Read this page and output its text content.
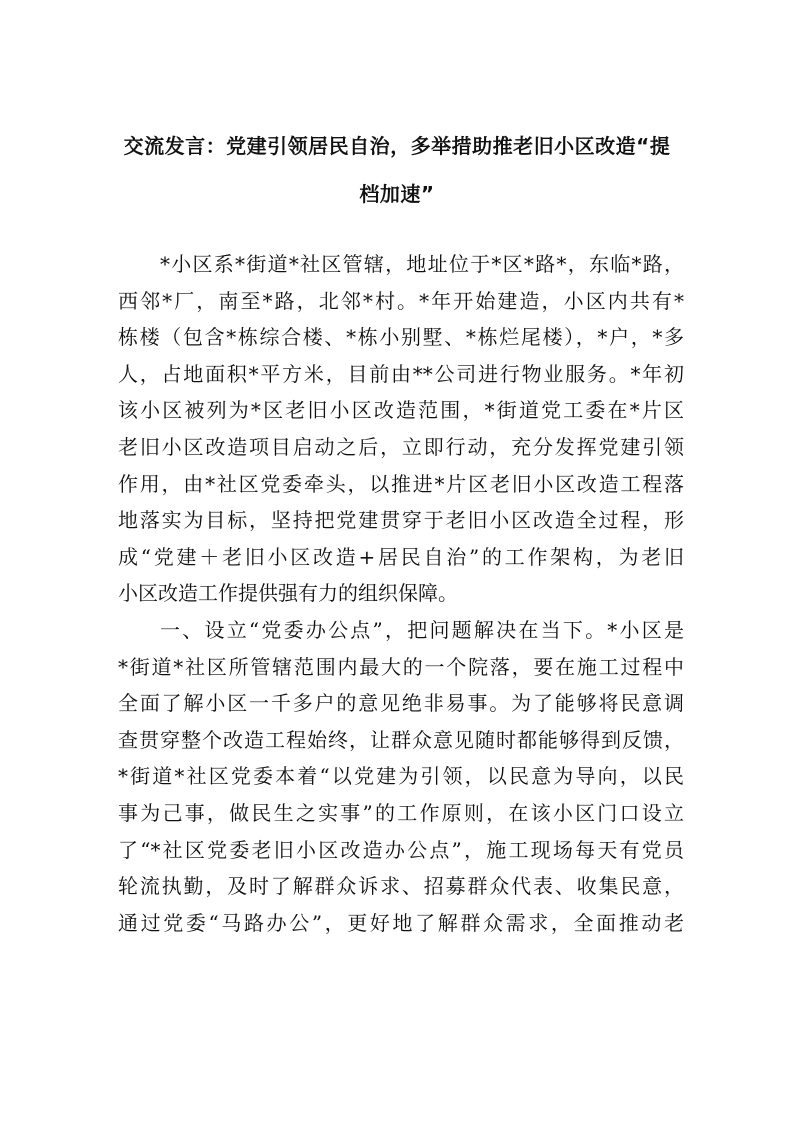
交流发言：党建引领居民自治，多举措助推老旧小区改造“提
档加速”
*小区系*街道*社区管辖，地址位于*区*路*，东临*路，
西邻*厂，南至*路，北邻*村。*年开始建造，小区内共有*
栋楼（包含*栋综合楼、*栋小别墅、*栋烂尾楼），*户，*多
人，占地面积*平方米，目前由**公司进行物业服务。*年初
该小区被列为*区老旧小区改造范围，*街道党工委在*片区
老旧小区改造项目启动之后，立即行动，充分发挥党建引领
作用，由*社区党委牵头，以推进*片区老旧小区改造工程落
地落实为目标，坚持把党建贯穿于老旧小区改造全过程，形
成“党建＋老旧小区改造+居民自治”的工作架构，为老旧
小区改造工作提供强有力的组织保障。
一、设立“党委办公点”，把问题解决在当下。*小区是
*街道*社区所管辖范围内最大的一个院落，要在施工过程中
全面了解小区一千多户的意见绝非易事。为了能够将民意调
查贯穿整个改造工程始终，让群众意见随时都能够得到反馈，
*街道*社区党委本着“以党建为引领，以民意为导向，以民
事为己事，做民生之实事”的工作原则，在该小区门口设立
了“*社区党委老旧小区改造办公点”，施工现场每天有党员
轮流执勤，及时了解群众诉求、招募群众代表、收集民意，
通过党委“马路办公”，更好地了解群众需求，全面推动老
